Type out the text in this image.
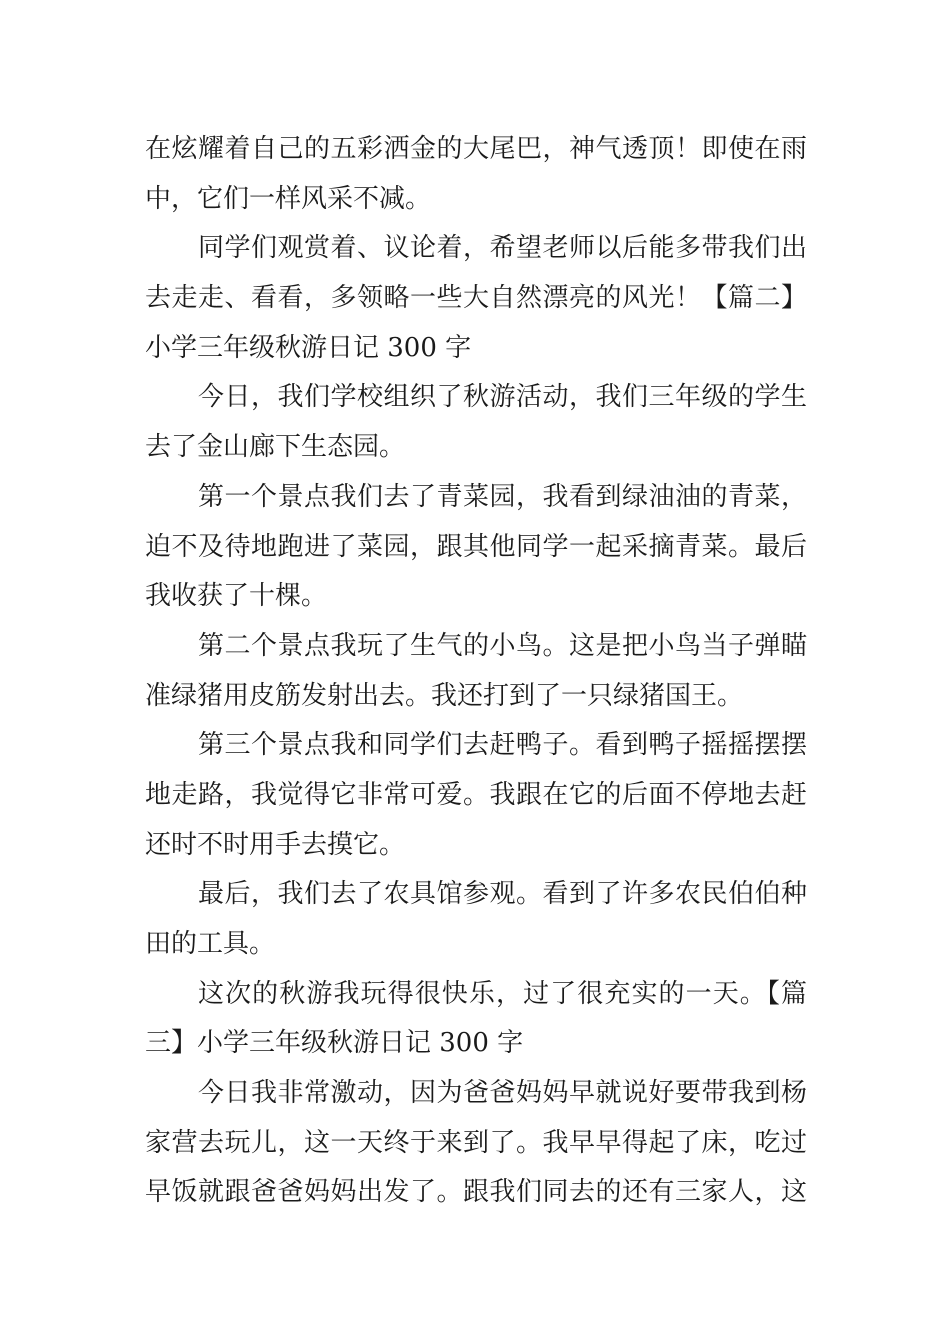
在炫耀着自己的五彩洒金的大尾巴，神气透顶！即使在雨
中，它们一样风采不减。
同学们观赏着、议论着，希望老师以后能多带我们出
去走走、看看，多领略一些大自然漂亮的风光！【篇二】
小学三年级秋游日记 300 字
今日，我们学校组织了秋游活动，我们三年级的学生
去了金山廊下生态园。
第一个景点我们去了青菜园，我看到绿油油的青菜，
迫不及待地跑进了菜园，跟其他同学一起采摘青菜。最后
我收获了十棵。
第二个景点我玩了生气的小鸟。这是把小鸟当子弹瞄
准绿猪用皮筋发射出去。我还打到了一只绿猪国王。
第三个景点我和同学们去赶鸭子。看到鸭子摇摇摆摆
地走路，我觉得它非常可爱。我跟在它的后面不停地去赶
还时不时用手去摸它。
最后，我们去了农具馆参观。看到了许多农民伯伯种
田的工具。
这次的秋游我玩得很快乐，过了很充实的一天。【篇
三】小学三年级秋游日记 300 字
今日我非常激动，因为爸爸妈妈早就说好要带我到杨
家营去玩儿，这一天终于来到了。我早早得起了床，吃过
早饭就跟爸爸妈妈出发了。跟我们同去的还有三家人，这
